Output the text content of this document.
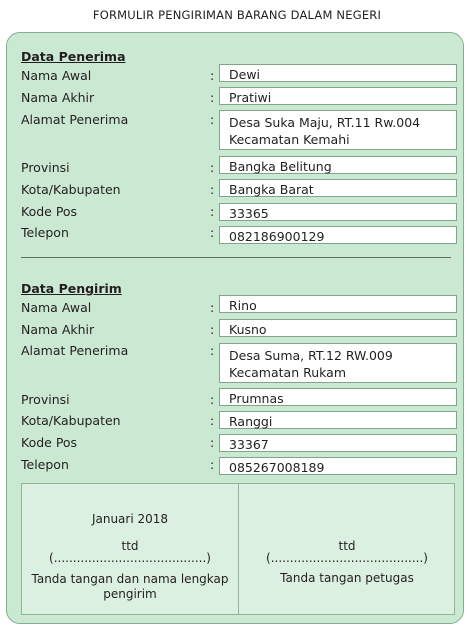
FORMULIR PENGIRIMAN BARANG DALAM NEGERI
Data Penerima
Nama Awal	:	Dewi
Nama Akhir	:	Pratiwi
Alamat Penerima	: Desa Suka Maju, RT.11 Rw.004
Kecamatan Kemahi
Provinsi	:	Bangka Belitung
Kota/Kabupaten	:	Bangka Barat
Kode Pos	:	33365
Telepon	:	082186900129
Data Pengirim
Nama Awal	:	Rino
Nama Akhir	:	Kusno
Alamat Penerima	: Desa Suma, RT.12 RW.009
Kecamatan Rukam
Provinsi	:	Prumnas
Kota/Kabupaten	:	Ranggi
Kode Pos	:	33367
Telepon	:	085267008189
Januari 2018
ttd
(........................................)
Tanda tangan dan nama lengkap
pengirim
ttd
(........................................)
Tanda tangan petugas
